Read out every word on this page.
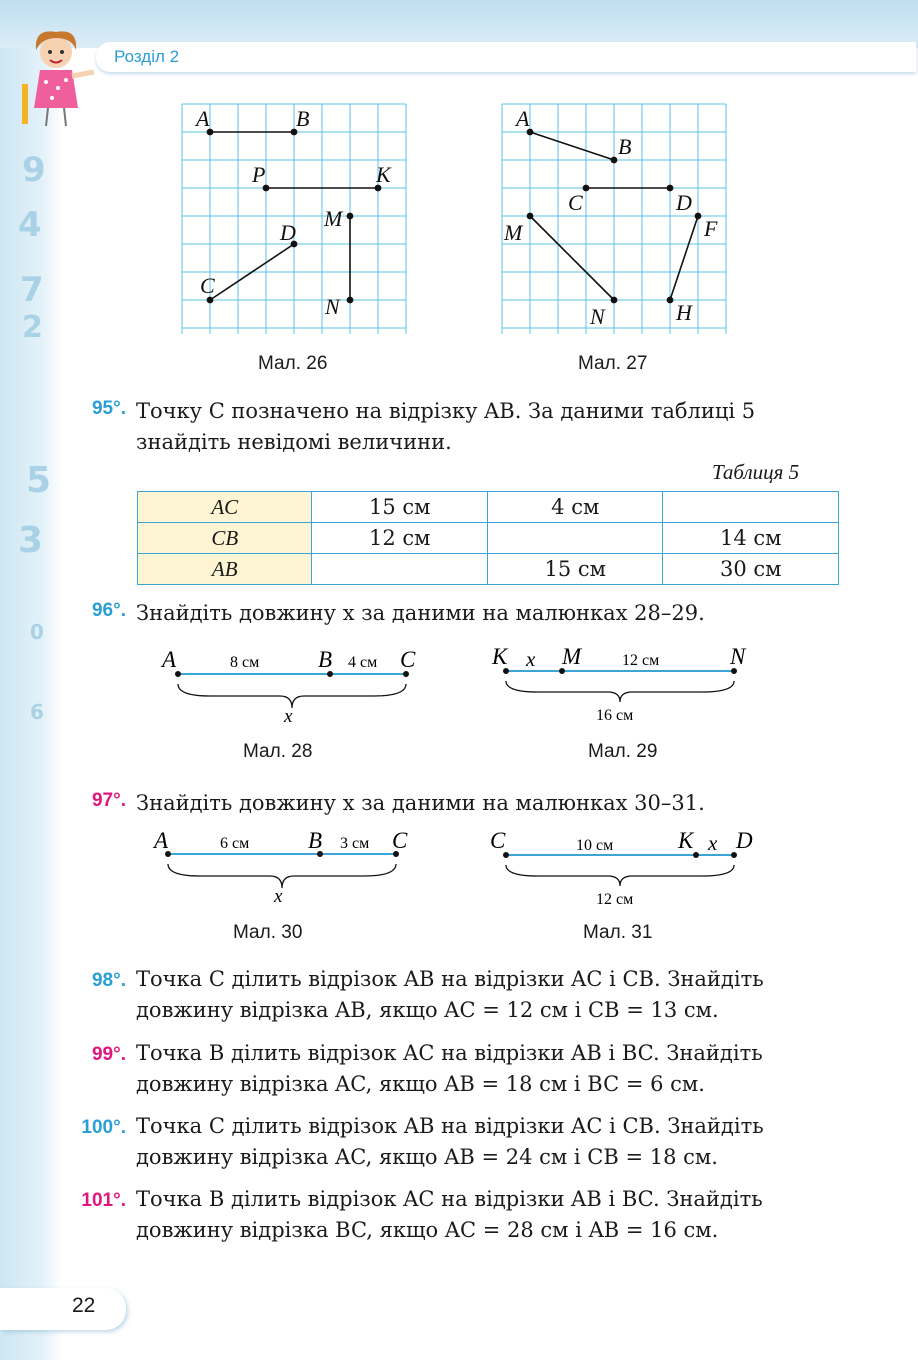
9
4
7
2
5
3
0
6
Розділ 2
A	B
P	K
M
D
C
N
Мал. 26
A
B
C	D
M	F
N	H
Мал. 27
95°. Точку C позначено на відрізку AB. За даними таблиці 5
знайдіть невідомі величини.
Таблиця 5
AC	15 см	4 см	
CB	12 см		14 см
AB		15 см	30 см
96°. Знайдіть довжину x за даними на малюнках 28–29.
A	8 см	B 4 см C
x
Мал. 28
K x M	12 см	N
16 см
Мал. 29
97°. Знайдіть довжину x за даними на малюнках 30–31.
A	6 см	B 3 см C
x
Мал. 30
C	10 см	K x D
12 см
Мал. 31
98°. Точка C ділить відрізок AB на відрізки AC і CB. Знайдіть
довжину відрізка AB, якщо AC = 12 см і CB = 13 см.
99°. Точка B ділить відрізок AC на відрізки AB і BC. Знайдіть
довжину відрізка AC, якщо AB = 18 см і BC = 6 см.
100°. Точка C ділить відрізок AB на відрізки AC і CB. Знайдіть
довжину відрізка AC, якщо AB = 24 см і CB = 18 см.
101°. Точка B ділить відрізок AC на відрізки AB і BC. Знайдіть
довжину відрізка BC, якщо AC = 28 см і AB = 16 см.
22
